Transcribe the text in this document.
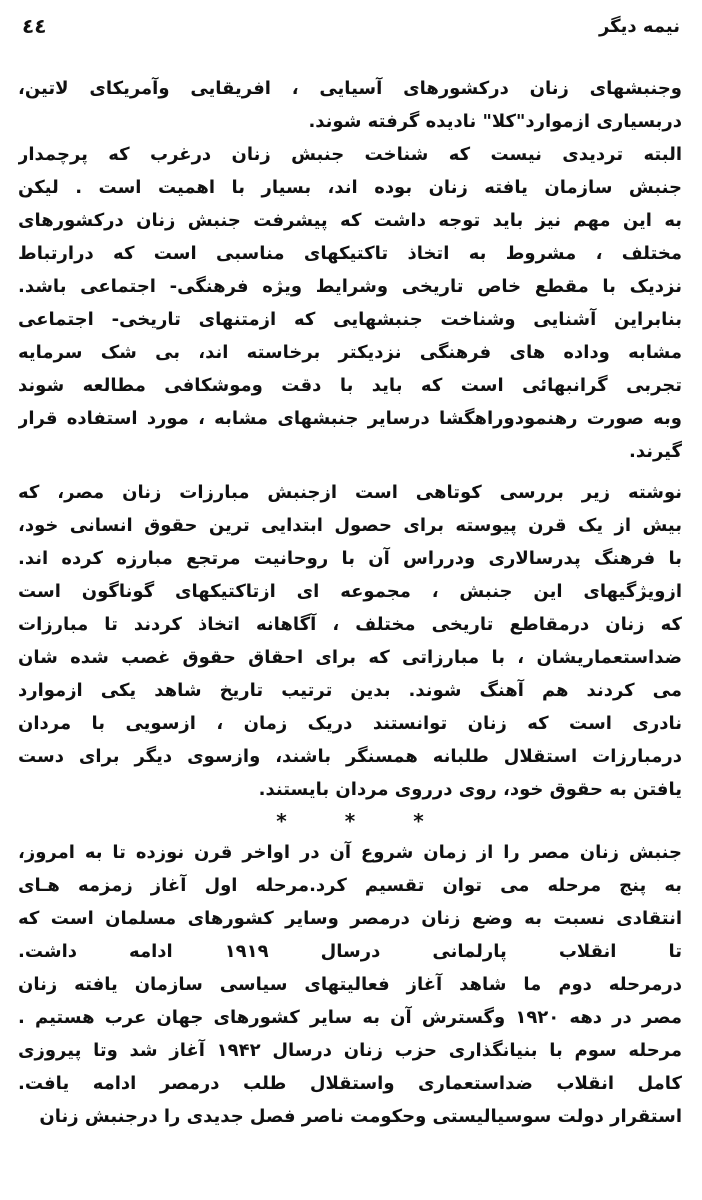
٤٤	نیمه دیگر
وجنبشهای زنان درکشورهای آسیایی ، افریقایی وآمریکای لاتین،
دربسیاری ازموارد"کلا" نادیده گرفته شوند.
البته تردیدی نیست که شناخت جنبش زنان درغرب که پرچمدار
جنبش سازمان یافته زنان بوده اند، بسیار با اهمیت است . لیکن
به این مهم نیز باید توجه داشت که پیشرفت جنبش زنان درکشورهای
مختلف ، مشروط به اتخاذ تاکتیکهای مناسبی است که درارتباط
نزدیک با مقطع خاص تاریخی وشرایط ویژه فرهنگی- اجتماعی باشد.
بنابراین آشنایی وشناخت جنبشهایی که ازمتنهای تاریخی- اجتماعی
مشابه وداده های فرهنگی نزدیکتر برخاسته اند، بی شک سرمایه
تجربی گرانبهائی است که باید با دقت وموشکافی مطالعه شوند
وبه صورت رهنمودوراهگشا درسایر جنبشهای مشابه ، مورد استفاده قرار
گیرند.
نوشته زیر بررسی کوتاهی است ازجنبش مبارزات زنان مصر، که
بیش از یک قرن پیوسته برای حصول ابتدایی ترین حقوق انسانی خود،
با فرهنگ پدرسالاری ودرراس آن با روحانیت مرتجع مبارزه کرده اند.
ازویژگیهای این جنبش ، مجموعه ای ازتاکتیکهای گوناگون است
که زنان درمقاطع تاریخی مختلف ، آگاهانه اتخاذ کردند تا مبارزات
ضداستعماریشان ، با مبارزاتی که برای احقاق حقوق غصب شده شان
می کردند هم آهنگ شوند. بدین ترتیب تاریخ شاهد یکی ازموارد
نادری است که زنان توانستند دریک زمان ، ازسویی با مردان
درمبارزات استقلال طلبانه همسنگر باشند، وازسوی دیگر برای دست
یافتن به حقوق خود، روی درروی مردان بایستند.
*	*	*
جنبش زنان مصر را از زمان شروع آن در اواخر قرن نوزده تا به امروز،
به پنج مرحله می توان تقسیم کرد.مرحله اول آغاز زمزمه هـای
انتقادی نسبت به وضع زنان درمصر وسایر کشورهای مسلمان است که
تا انقلاب پارلمانی درسال ۱۹۱۹ ادامه داشت.
درمرحله دوم ما شاهد آغاز فعالیتهای سیاسی سازمان یافته زنان
مصر در دهه ۱۹۲۰ وگسترش آن به سایر کشورهای جهان عرب هستیم .
مرحله سوم با بنیانگذاری حزب زنان درسال ۱۹۴۲ آغاز شد وتا پیروزی
کامل انقلاب ضداستعماری واستقلال طلب درمصر ادامه یافت.
استقرار دولت سوسیالیستی وحکومت ناصر فصل جدیدی را درجنبش زنان
